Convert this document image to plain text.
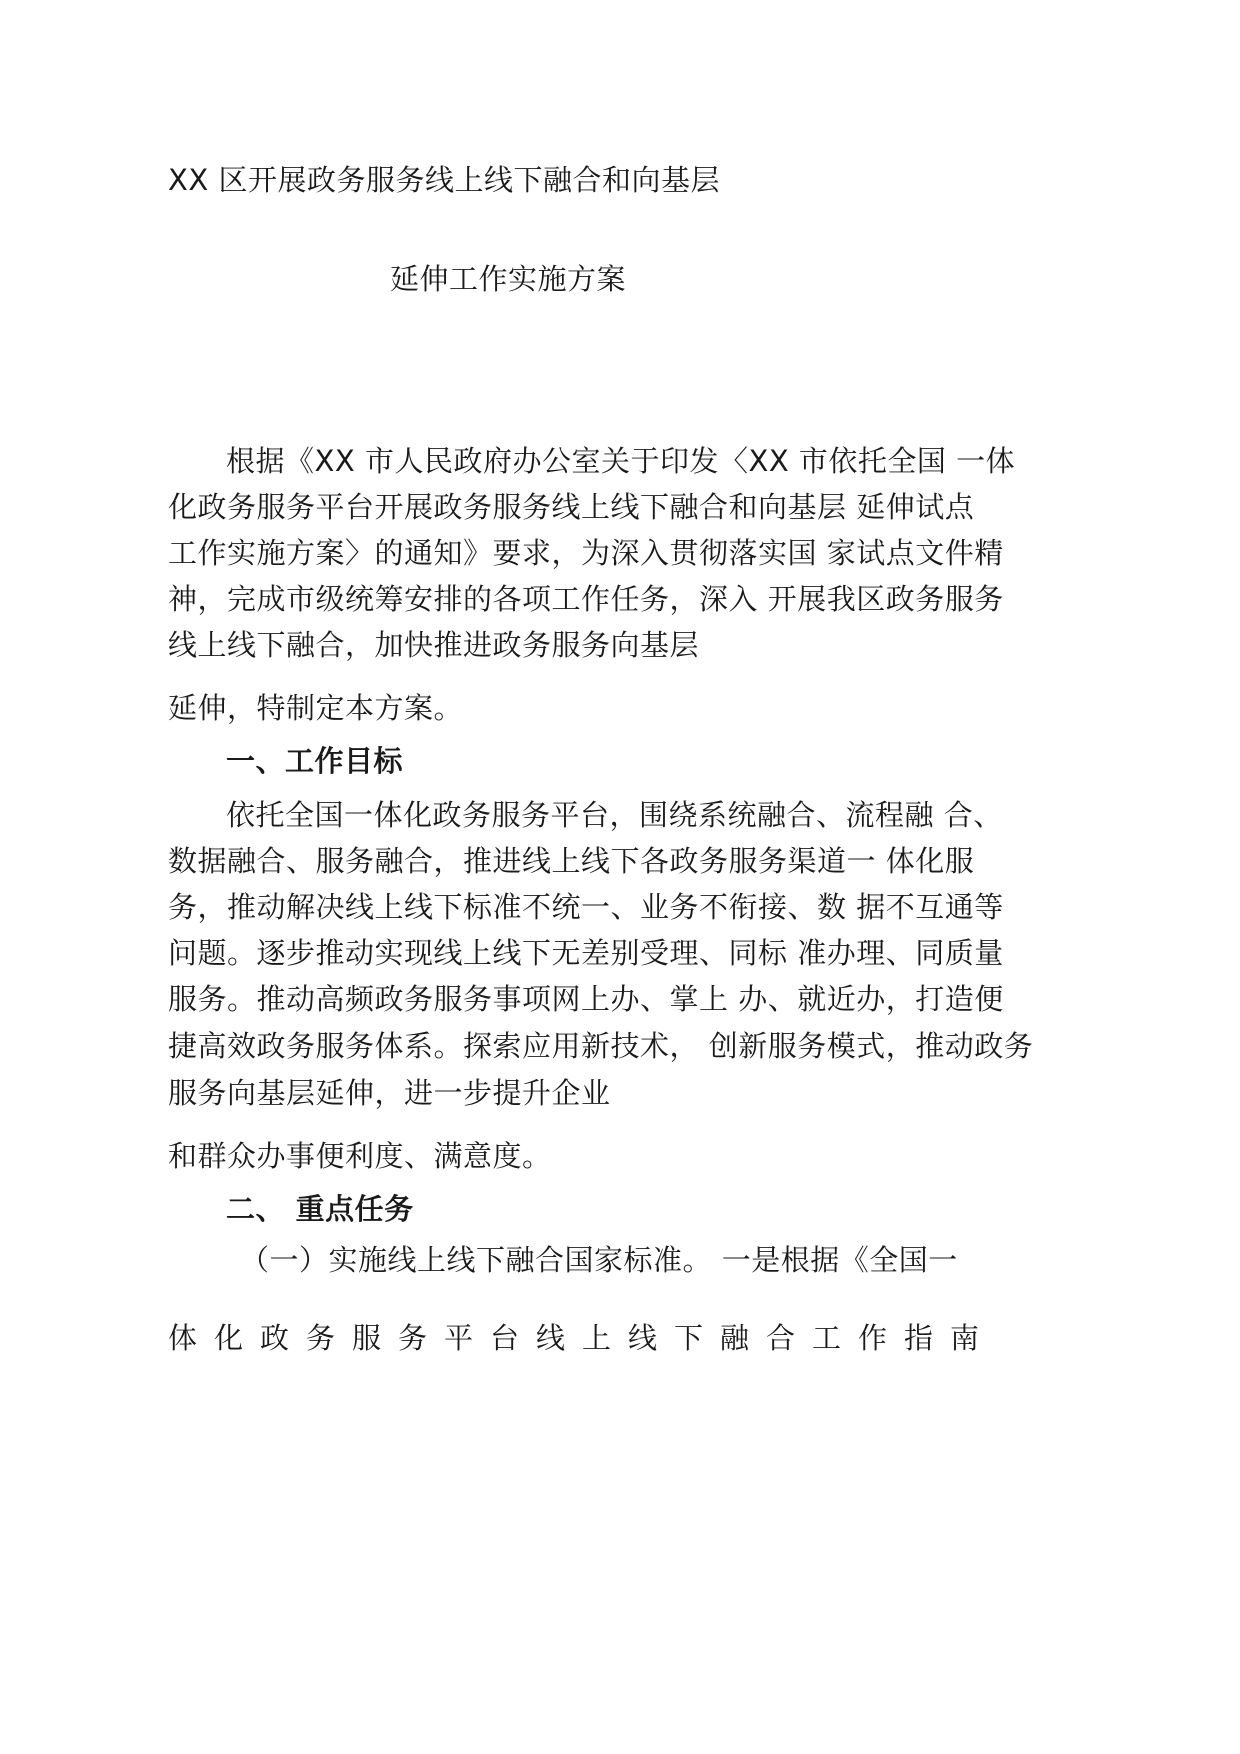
XX 区开展政务服务线上线下融合和向基层
延伸工作实施方案
根据《XX 市人民政府办公室关于印发〈XX 市依托全国 一体
化政务服务平台开展政务服务线上线下融合和向基层 延伸试点
工作实施方案〉的通知》要求，为深入贯彻落实国 家试点文件精
神，完成市级统筹安排的各项工作任务，深入 开展我区政务服务
线上线下融合，加快推进政务服务向基层
延伸，特制定本方案。
一、工作目标
依托全国一体化政务服务平台，围绕系统融合、流程融 合、
数据融合、服务融合，推进线上线下各政务服务渠道一 体化服
务，推动解决线上线下标准不统一、业务不衔接、数 据不互通等
问题。逐步推动实现线上线下无差别受理、同标 准办理、同质量
服务。推动高频政务服务事项网上办、掌上 办、就近办，打造便
捷高效政务服务体系。探索应用新技术， 创新服务模式，推动政务
服务向基层延伸，进一步提升企业
和群众办事便利度、满意度。
二、 重点任务
（一）实施线上线下融合国家标准。 一是根据《全国一
体化政务服务平台线上线下融合工作指南
